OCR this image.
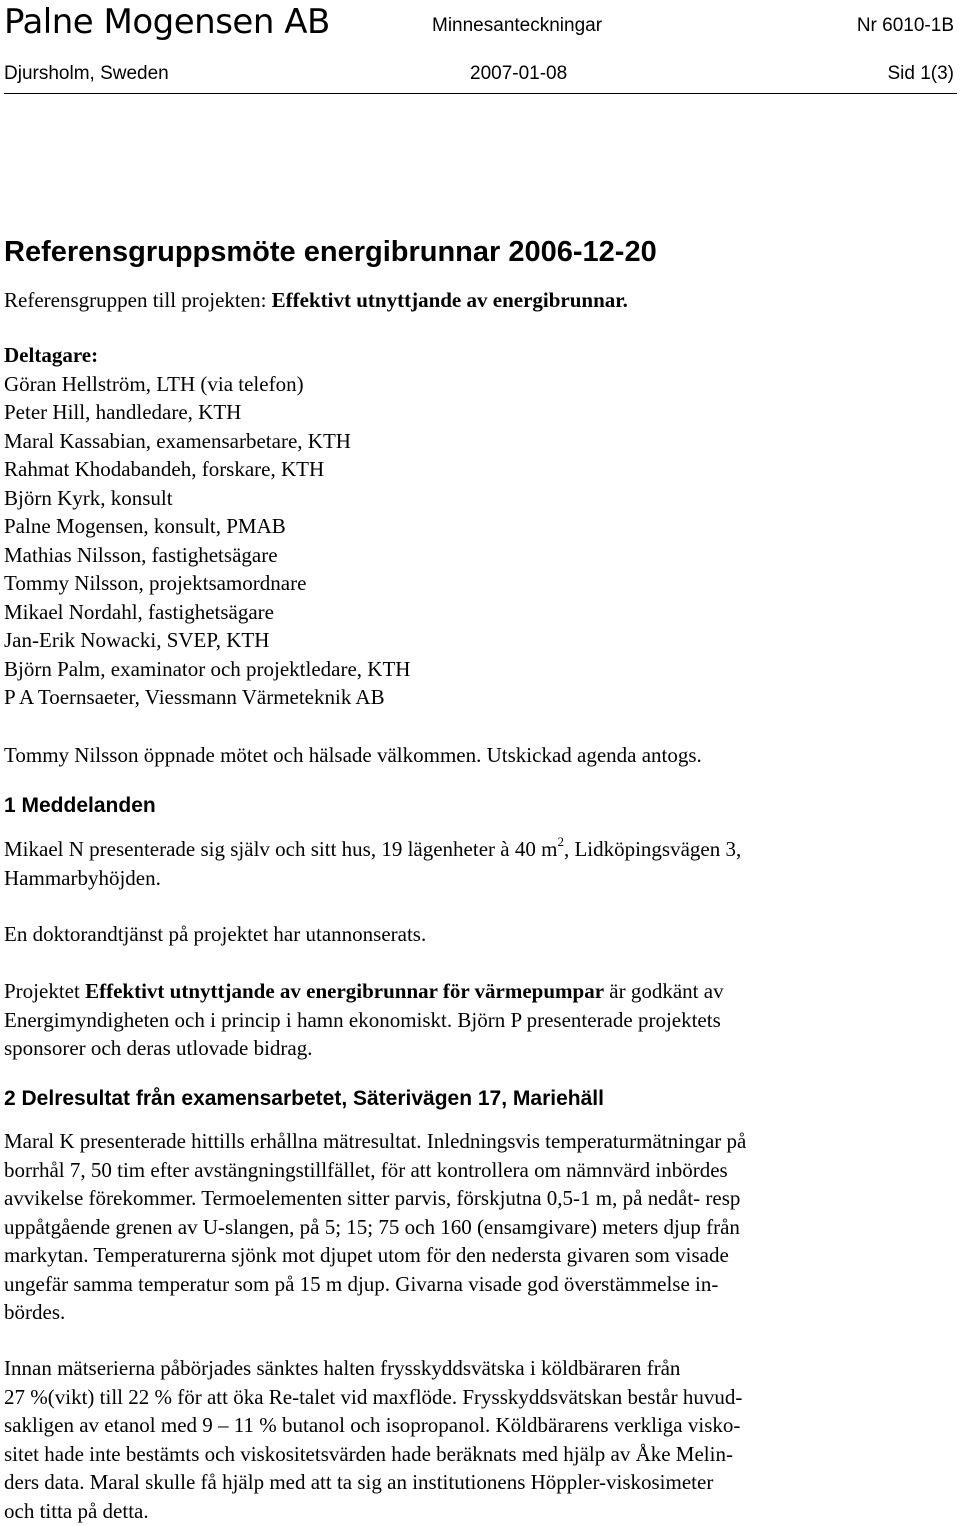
Palne Mogensen AB	Minnesanteckningar	Nr 6010-1B
Djursholm, Sweden	2007-01-08	Sid 1(3)
Referensgruppsmöte energibrunnar 2006-12-20

Referensgruppen till projekten: Effektivt utnyttjande av energibrunnar.

Deltagare:
Göran Hellström, LTH (via telefon)
Peter Hill, handledare, KTH
Maral Kassabian, examensarbetare, KTH
Rahmat Khodabandeh, forskare, KTH
Björn Kyrk, konsult
Palne Mogensen, konsult, PMAB
Mathias Nilsson, fastighetsägare
Tommy Nilsson, projektsamordnare
Mikael Nordahl, fastighetsägare
Jan-Erik Nowacki, SVEP, KTH
Björn Palm, examinator och projektledare, KTH
P A Toernsaeter, Viessmann Värmeteknik AB

Tommy Nilsson öppnade mötet och hälsade välkommen. Utskickad agenda antogs.

1 Meddelanden

Mikael N presenterade sig själv och sitt hus, 19 lägenheter à 40 $m^2$, Lidköpingsvägen 3,
Hammarbyhöjden.

En doktorandtjänst på projektet har utannonserats.

Projektet Effektivt utnyttjande av energibrunnar för värmepumpar är godkänt av
Energimyndigheten och i princip i hamn ekonomiskt. Björn P presenterade projektets
sponsorer och deras utlovade bidrag.

2 Delresultat från examensarbetet, Säterivägen 17, Mariehäll

Maral K presenterade hittills erhållna mätresultat. Inledningsvis temperaturmätningar på
borrhål 7, 50 tim efter avstängningstillfället, för att kontrollera om nämnvärd inbördes
avvikelse förekommer. Termoelementen sitter parvis, förskjutna 0,5-1 m, på nedåt- resp
uppåtgående grenen av U-slangen, på 5; 15; 75 och 160 (ensamgivare) meters djup från
markytan. Temperaturerna sjönk mot djupet utom för den nedersta givaren som visade
ungefär samma temperatur som på 15 m djup. Givarna visade god överstämmelse in-
bördes.

Innan mätserierna påbörjades sänktes halten frysskyddsvätska i köldbäraren från
27 %(vikt) till 22 % för att öka Re-talet vid maxflöde. Frysskyddsvätskan består huvud-
sakligen av etanol med 9 – 11 % butanol och isopropanol. Köldbärarens verkliga visko-
sitet hade inte bestämts och viskositetsvärden hade beräknats med hjälp av Åke Melin-
ders data. Maral skulle få hjälp med att ta sig an institutionens Höppler-viskosimeter
och titta på detta.
